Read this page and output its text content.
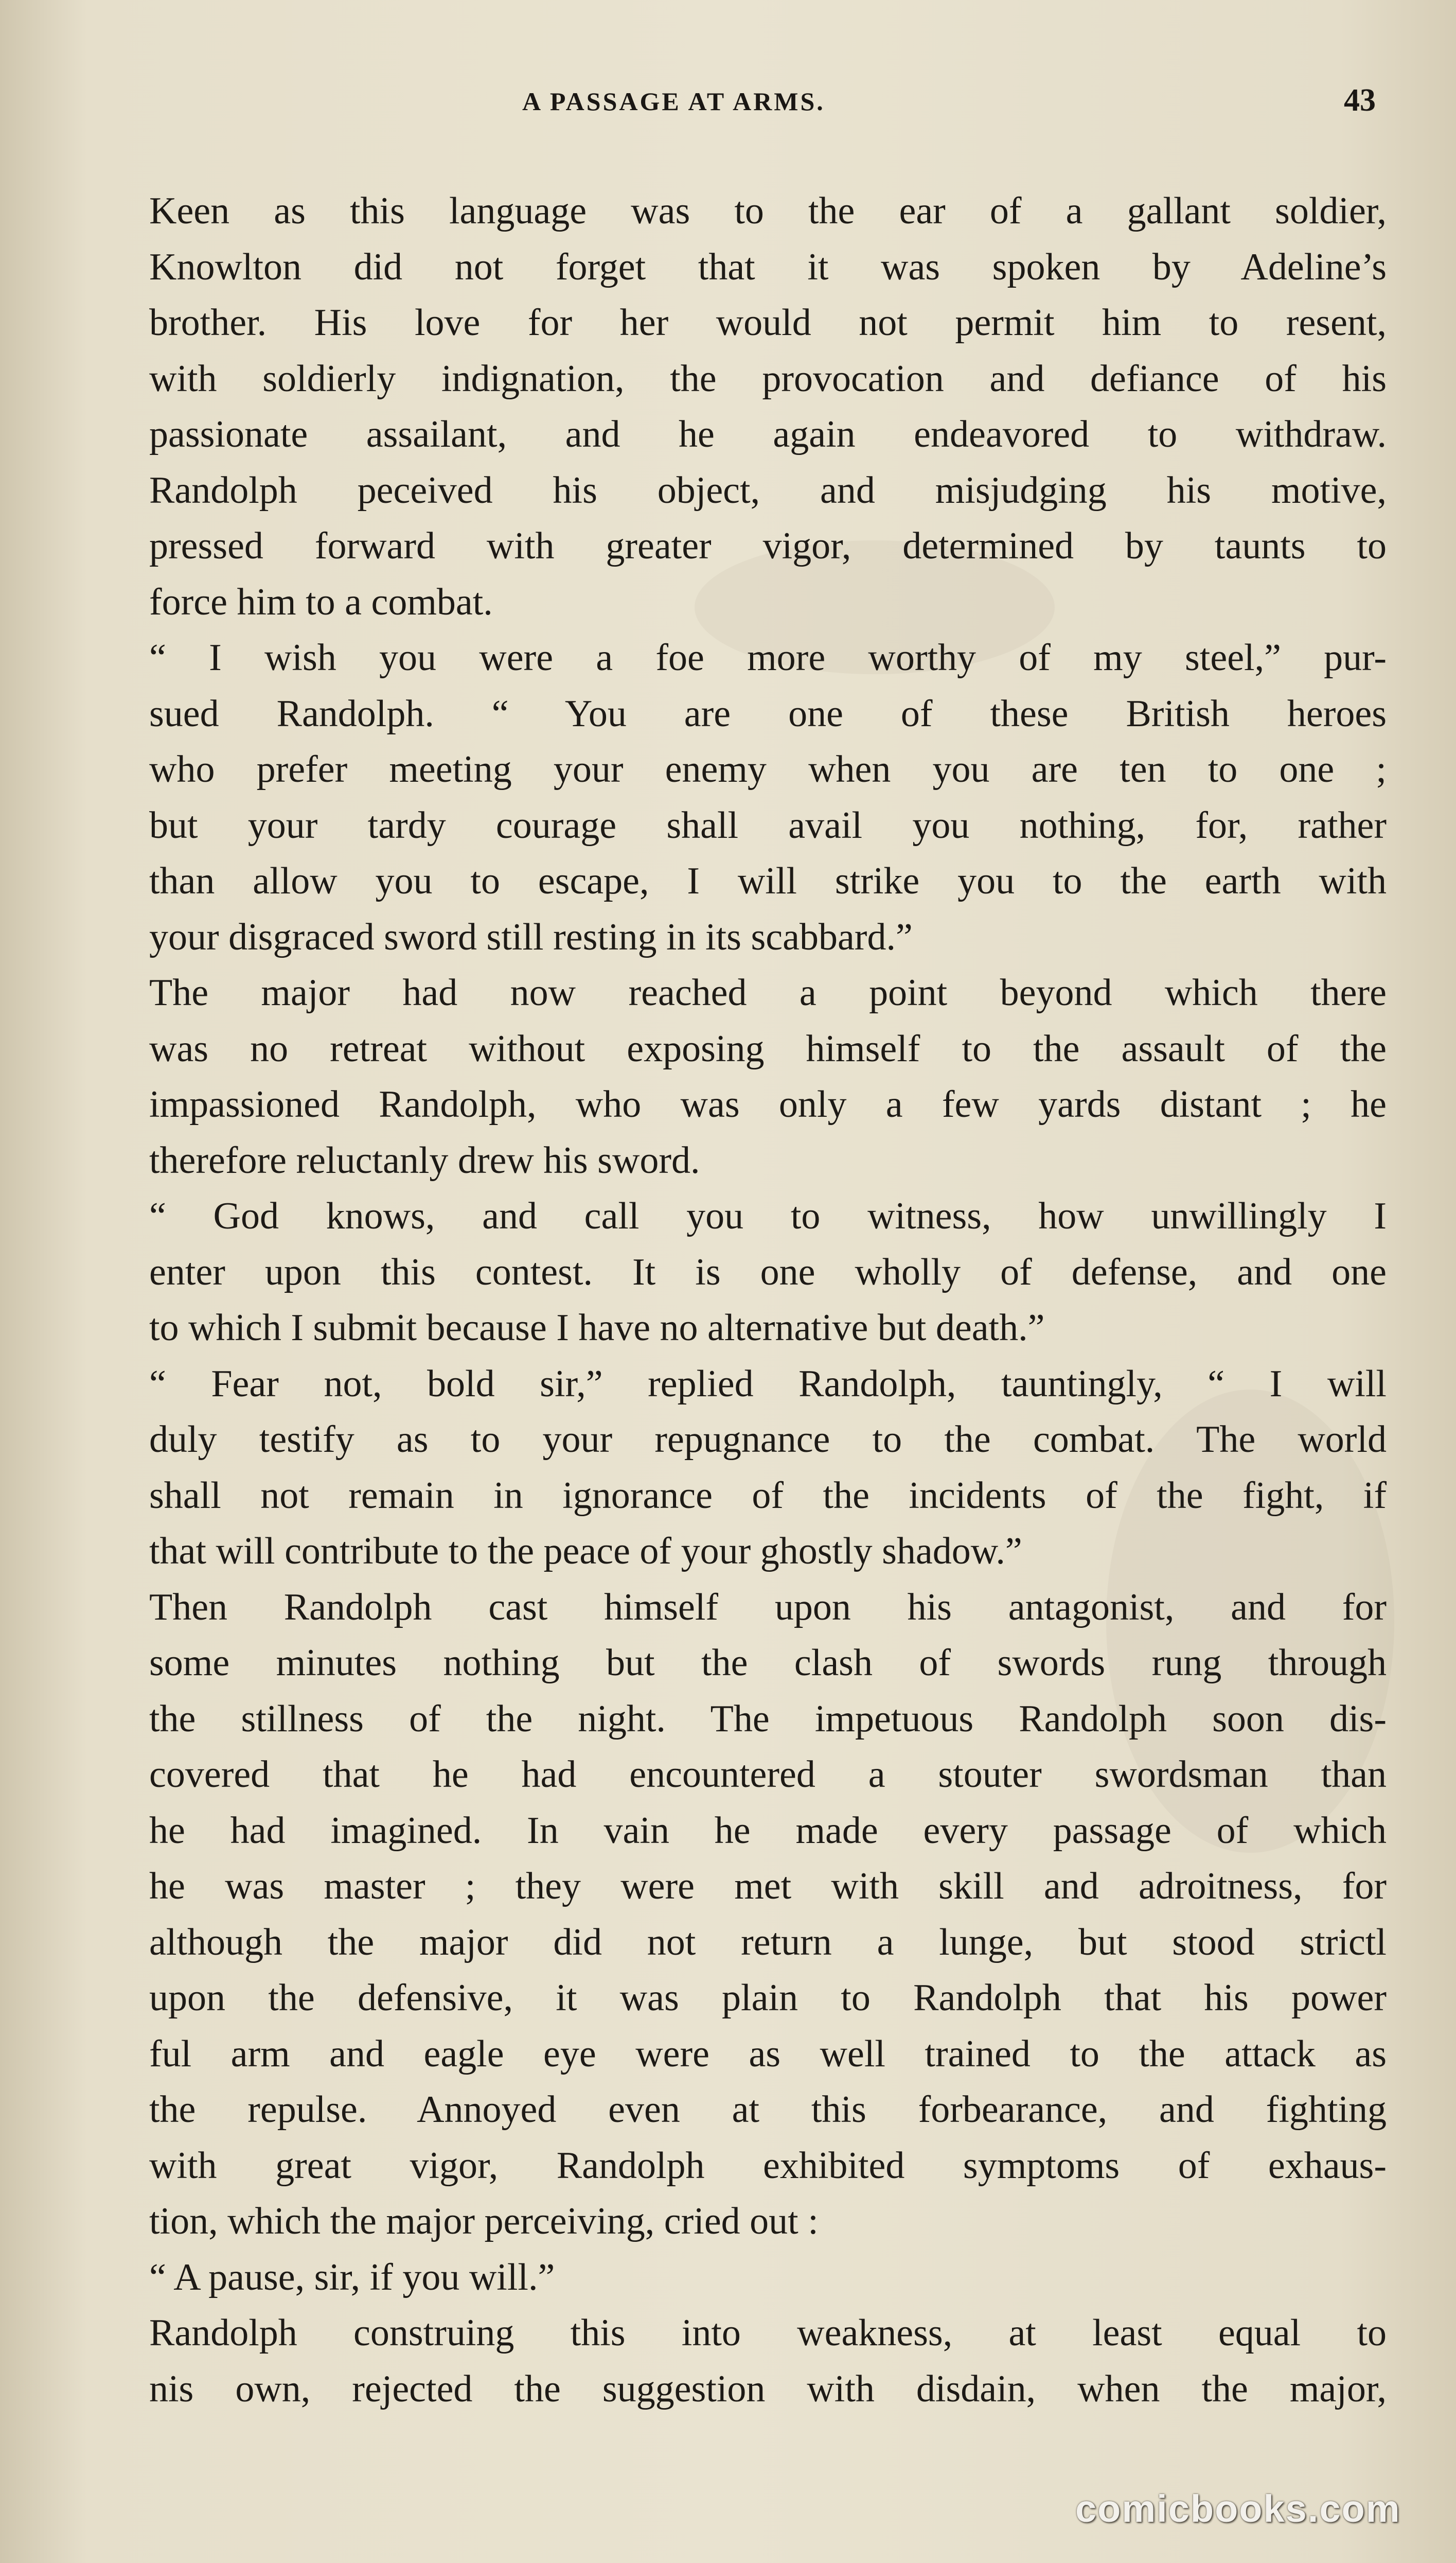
A PASSAGE AT ARMS.	43
Keen as this language was to the ear of a gallant soldier,
Knowlton did not forget that it was spoken by Adeline’s
brother. His love for her would not permit him to resent,
with soldierly indignation, the provocation and defiance of his
passionate assailant, and he again endeavored to withdraw.
Randolph peceived his object, and misjudging his motive,
pressed forward with greater vigor, determined by taunts to
force him to a combat.
“ I wish you were a foe more worthy of my steel,” pur-
sued Randolph. “ You are one of these British heroes
who prefer meeting your enemy when you are ten to one ;
but your tardy courage shall avail you nothing, for, rather
than allow you to escape, I will strike you to the earth with
your disgraced sword still resting in its scabbard.”
The major had now reached a point beyond which there
was no retreat without exposing himself to the assault of the
impassioned Randolph, who was only a few yards distant ; he
therefore reluctanly drew his sword.
“ God knows, and call you to witness, how unwillingly I
enter upon this contest. It is one wholly of defense, and one
to which I submit because I have no alternative but death.”
“ Fear not, bold sir,” replied Randolph, tauntingly, “ I will
duly testify as to your repugnance to the combat. The world
shall not remain in ignorance of the incidents of the fight, if
that will contribute to the peace of your ghostly shadow.”
Then Randolph cast himself upon his antagonist, and for
some minutes nothing but the clash of swords rung through
the stillness of the night. The impetuous Randolph soon dis-
covered that he had encountered a stouter swordsman than
he had imagined. In vain he made every passage of which
he was master ; they were met with skill and adroitness, for
although the major did not return a lunge, but stood strictl
upon the defensive, it was plain to Randolph that his power
ful arm and eagle eye were as well trained to the attack as
the repulse. Annoyed even at this forbearance, and fighting
with great vigor, Randolph exhibited symptoms of exhaus-
tion, which the major perceiving, cried out :
“ A pause, sir, if you will.”
Randolph construing this into weakness, at least equal to
nis own, rejected the suggestion with disdain, when the major,
comicbooks.com
